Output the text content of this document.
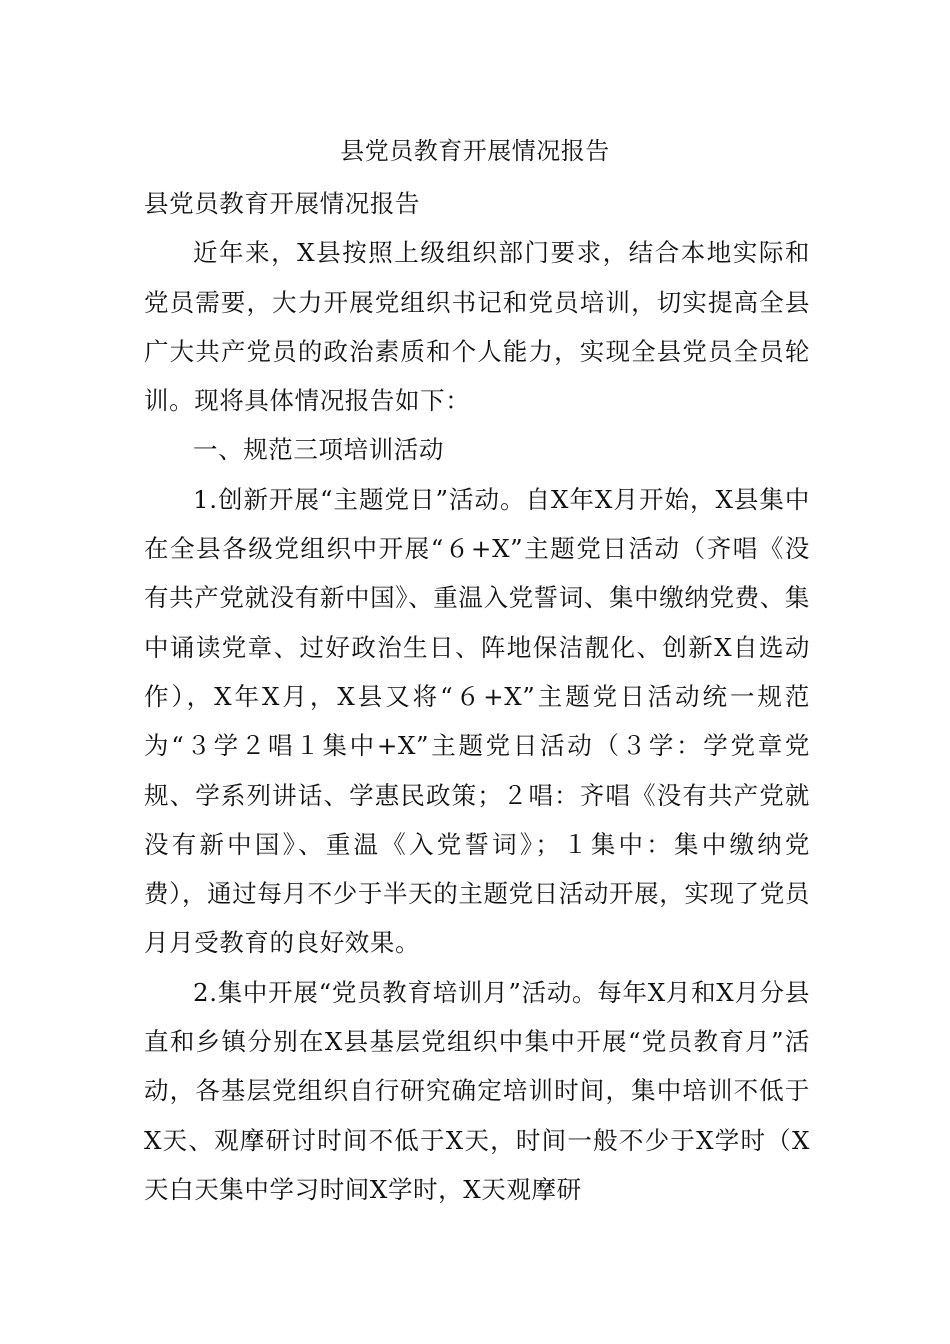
县党员教育开展情况报告

县党员教育开展情况报告

近年来，X县按照上级组织部门要求，结合本地实际和党员需要，大力开展党组织书记和党员培训，切实提高全县广大共产党员的政治素质和个人能力，实现全县党员全员轮训。现将具体情况报告如下：

一、规范三项培训活动

1.创新开展“主题党日”活动。自X年X月开始，X县集中在全县各级党组织中开展“６+X”主题党日活动（齐唱《没有共产党就没有新中国》、重温入党誓词、集中缴纳党费、集中诵读党章、过好政治生日、阵地保洁靓化、创新X自选动作），X年X月，X县又将“６+X”主题党日活动统一规范为“３学２唱１集中+X”主题党日活动（３学：学党章党规、学系列讲话、学惠民政策；２唱：齐唱《没有共产党就没有新中国》、重温《入党誓词》；１集中：集中缴纳党费），通过每月不少于半天的主题党日活动开展，实现了党员月月受教育的良好效果。

2.集中开展“党员教育培训月”活动。每年X月和X月分县直和乡镇分别在X县基层党组织中集中开展“党员教育月”活动，各基层党组织自行研究确定培训时间，集中培训不低于X天、观摩研讨时间不低于X天，时间一般不少于X学时（X天白天集中学习时间X学时，X天观摩研
